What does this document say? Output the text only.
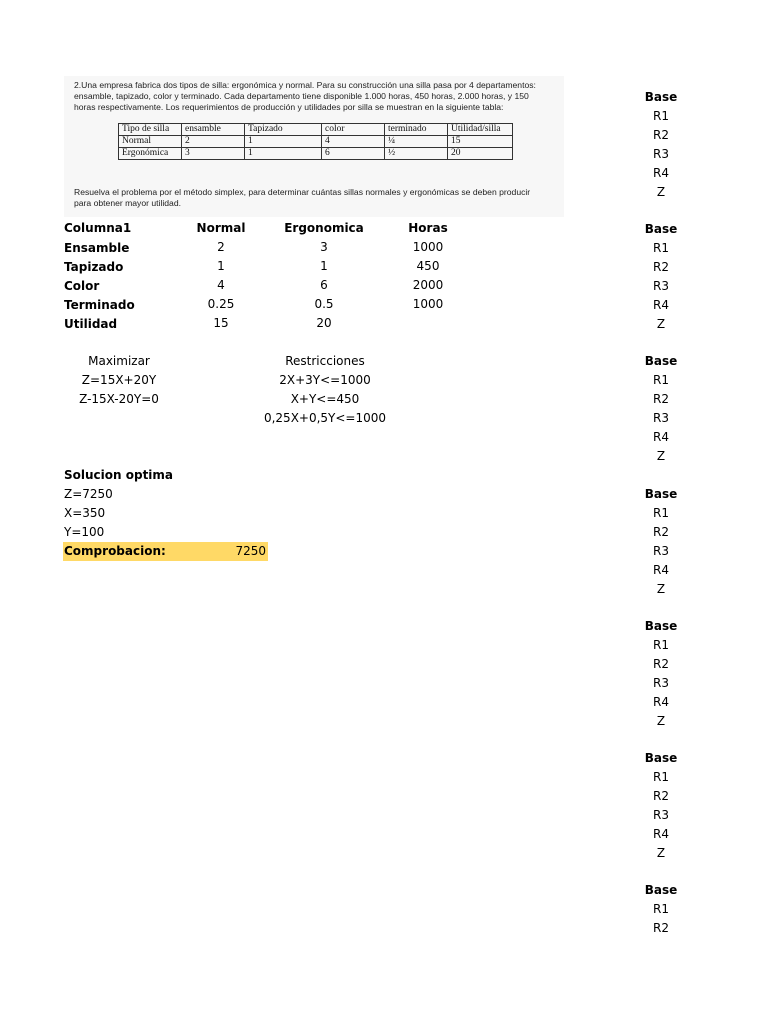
2.Una empresa fabrica dos tipos de silla: ergonómica y normal. Para su construcción una silla pasa por 4 departamentos:
ensamble, tapizado, color y terminado. Cada departamento tiene disponible 1.000 horas, 450 horas, 2.000 horas, y 150
horas respectivamente. Los requerimientos de producción y utilidades por silla se muestran en la siguiente tabla:
Tipo de silla	ensamble	Tapizado	color	terminado	Utilidad/silla
Normal	2	1	4	¼	15
Ergonómica	3	1	6	½	20
Resuelva el problema por el método simplex, para determinar cuántas sillas normales y ergonómicas se deben producir
para obtener mayor utilidad.
Columna1	Normal	Ergonomica	Horas
Ensamble	2	3	1000
Tapizado	1	1	450
Color	4	6	2000
Terminado	0.25	0.5	1000
Utilidad	15	20
Maximizar
Z=15X+20Y
Z-15X-20Y=0
Restricciones
2X+3Y<=1000
X+Y<=450
0,25X+0,5Y<=1000
Solucion optima
Z=7250
X=350
Y=100
Comprobacion:	7250
Base
R1
R2
R3
R4
Z
Base
R1
R2
R3
R4
Z
Base
R1
R2
R3
R4
Z
Base
R1
R2
R3
R4
Z
Base
R1
R2
R3
R4
Z
Base
R1
R2
R3
R4
Z
Base
R1
R2
